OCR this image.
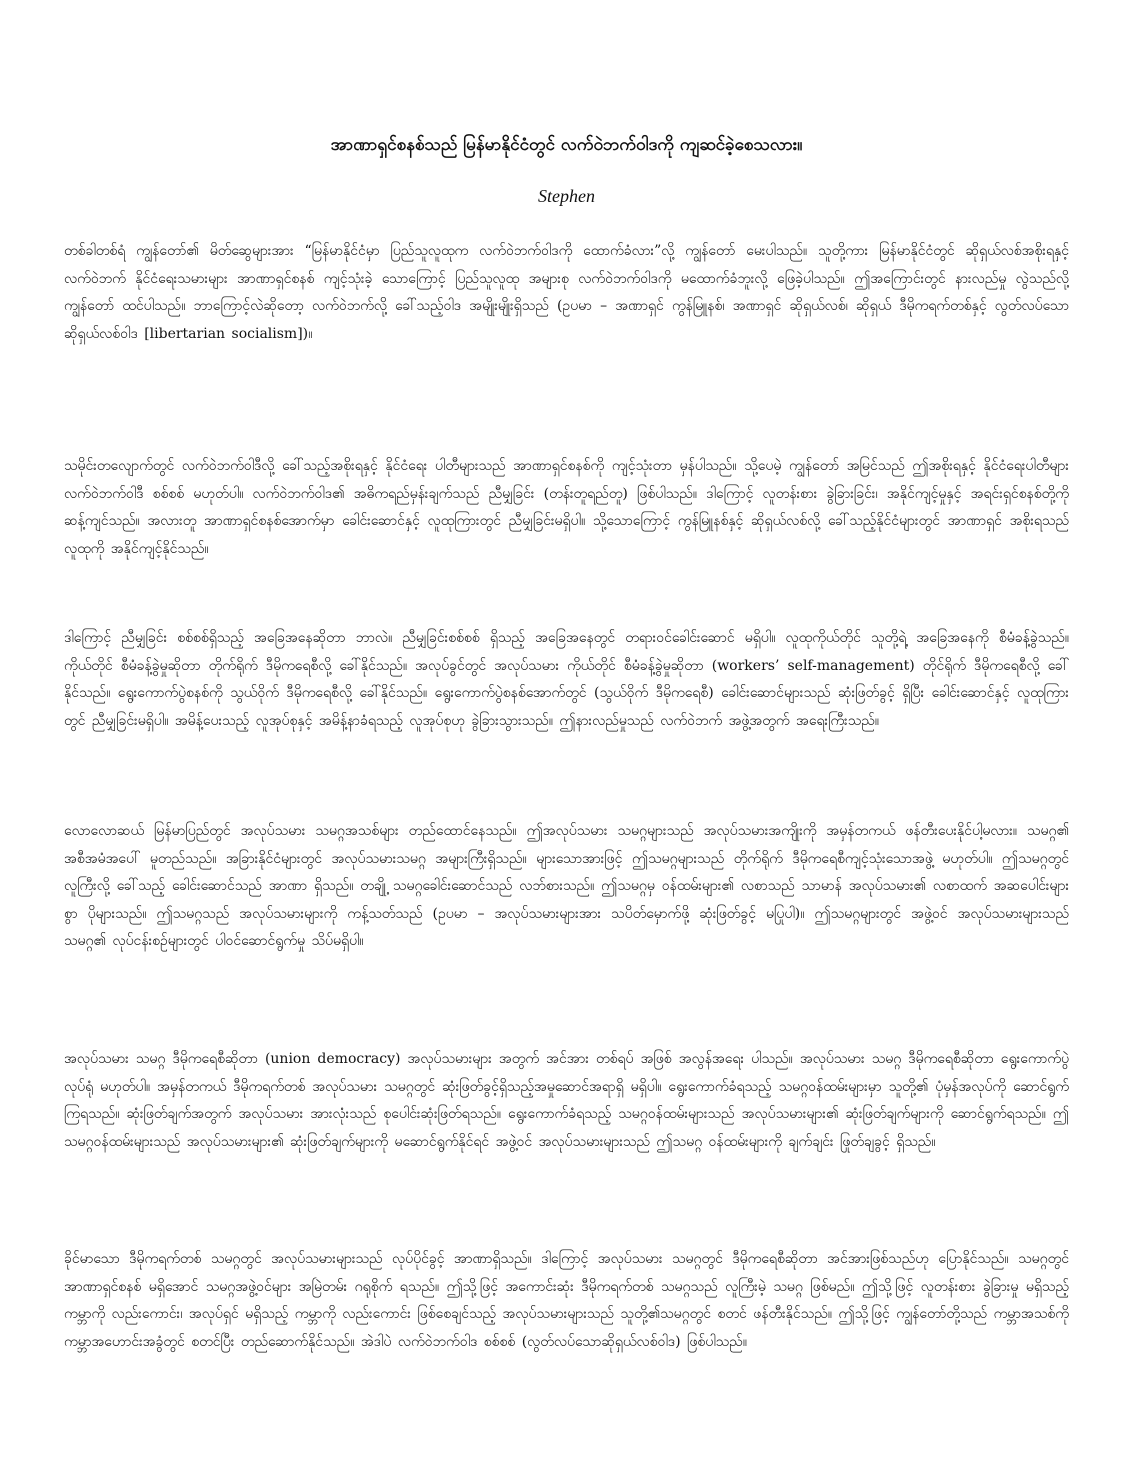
အာဏာရှင်စနစ်သည် မြန်မာနိုင်ငံတွင် လက်ဝဲဘက်ဝါဒကို ကျဆင်ခဲ့စေသလား။

Stephen

တစ်ခါတစ်ရံ ကျွန်တော်၏ မိတ်ဆွေများအား “မြန်မာနိုင်ငံမှာ ပြည်သူလူထုက လက်ဝဲဘက်ဝါဒကို ထောက်ခံလား”လို့ ကျွန်တော် မေးပါသည်။ သူတို့ကား မြန်မာနိုင်ငံတွင် ဆိုရှယ်လစ်အစိုးရနှင့် လက်ဝဲဘက် နိုင်ငံရေးသမားများ အာဏာရှင်စနစ် ကျင့်သုံးခဲ့ သောကြောင့် ပြည်သူလူထု အများစု လက်ဝဲဘက်ဝါဒကို မထောက်ခံဘူးလို့ ဖြေခဲ့ပါသည်။ ဤအကြောင်းတွင် နားလည်မှု လွဲသည်လို့ ကျွန်တော် ထင်ပါသည်။ ဘာကြောင့်လဲဆိုတော့ လက်ဝဲဘက်လို့ ခေါ်သည့်ဝါဒ အမျိုးမျိုးရှိသည် (ဥပမာ – အဏာရှင် ကွန်မြူနစ်၊ အဏာရှင် ဆိုရှယ်လစ်၊ ဆိုရှယ် ဒီမိုကရက်တစ်နှင့် လွတ်လပ်သော ဆိုရှယ်လစ်ဝါဒ [libertarian socialism])။

သမိုင်းတလျောက်တွင် လက်ဝဲဘက်ဝါဒီလို့ ခေါ်သည့်အစိုးရနှင့် နိုင်ငံရေး ပါတီများသည် အာဏာရှင်စနစ်ကို ကျင့်သုံးတာ မှန်ပါသည်။ သို့ပေမဲ့ ကျွန်တော် အမြင်သည် ဤအစိုးရနှင့် နိုင်ငံရေးပါတီများ လက်ဝဲဘက်ဝါဒီ စစ်စစ် မဟုတ်ပါ။ လက်ဝဲဘက်ဝါဒ၏ အဓိကရည်မှန်းချက်သည် ညီမျှခြင်း (တန်းတူရည်တူ) ဖြစ်ပါသည်။ ဒါကြောင့် လူတန်းစား ခွဲခြားခြင်း၊ အနိုင်ကျင့်မှုနှင့် အရင်းရှင်စနစ်တို့ကို ဆန့်ကျင်သည်။ အလားတူ အာဏာရှင်စနစ်အောက်မှာ ခေါင်းဆောင်နှင့် လူထုကြားတွင် ညီမျှခြင်းမရှိပါ။ သို့သောကြောင့် ကွန်မြူနစ်နှင့် ဆိုရှယ်လစ်လို့ ခေါ်သည့်နိုင်ငံများတွင် အာဏာရှင် အစိုးရသည် လူထုကို အနိုင်ကျင့်နိုင်သည်။

ဒါကြောင့် ညီမျှခြင်း စစ်စစ်ရှိသည့် အခြေအနေဆိုတာ ဘာလဲ။ ညီမျှခြင်းစစ်စစ် ရှိသည့် အခြေအနေတွင် တရားဝင်ခေါင်းဆောင် မရှိပါ။ လူထုကိုယ်တိုင် သူတို့ရဲ့ အခြေအနေကို စီမံခန့်ခွဲသည်။ ကိုယ်တိုင် စီမံခန့်ခွဲမှုဆိုတာ တိုက်ရိုက် ဒီမိုကရေစီလို့ ခေါ်နိုင်သည်။ အလုပ်ခွင်တွင် အလုပ်သမား ကိုယ်တိုင် စီမံခန့်ခွဲမှုဆိုတာ (workers’ self-management) တိုင်ရိုက် ဒီမိုကရေစီလို့ ခေါ်နိုင်သည်။ ရွေးကောက်ပွဲစနစ်ကို သွယ်ဝိုက် ဒီမိုကရေစီလို့ ခေါ်နိုင်သည်။ ရွေးကောက်ပွဲစနစ်အောက်တွင် (သွယ်ဝိုက် ဒီမိုကရေစီ) ခေါင်းဆောင်များသည် ဆုံးဖြတ်ခွင့် ရှိပြီး ခေါင်းဆောင်နှင့် လူထုကြားတွင် ညီမျှခြင်းမရှိပါ။ အမိန့်ပေးသည့် လူအုပ်စုနှင့် အမိန့်နာခံရသည့် လူအုပ်စုဟု ခွဲခြားသွားသည်။ ဤနားလည်မှုသည် လက်ဝဲဘက် အဖွဲ့အတွက် အရေးကြီးသည်။

လောလောဆယ် မြန်မာပြည်တွင် အလုပ်သမား သမဂ္ဂအသစ်များ တည်ထောင်နေသည်။ ဤအလုပ်သမား သမဂ္ဂများသည် အလုပ်သမားအကျိုးကို အမှန်တကယ် ဖန်တီးပေးနိုင်ပါ့မလား။ သမဂ္ဂ၏ အစီအမံအပေါ် မူတည်သည်။ အခြားနိုင်ငံများတွင် အလုပ်သမားသမဂ္ဂ အများကြီးရှိသည်။ များသောအားဖြင့် ဤသမဂ္ဂများသည် တိုက်ရိုက် ဒီမိုကရေစီကျင့်သုံးသောအဖွဲ့ မဟုတ်ပါ။ ဤသမဂ္ဂတွင် လူကြီးလို့ ခေါ်သည့် ခေါင်းဆောင်သည် အာဏာ ရှိသည်။ တချို့ သမဂ္ဂခေါင်းဆောင်သည် လဘ်စားသည်။ ဤသမဂ္ဂမှ ဝန်ထမ်းများ၏ လစာသည် သာမာန် အလုပ်သမား၏ လစာထက် အဆပေါင်းများစွာ ပိုများသည်။ ဤသမဂ္ဂသည် အလုပ်သမားများကို ကန့်သတ်သည် (ဥပမာ – အလုပ်သမားများအား သပိတ်မှောက်ဖို့ ဆုံးဖြတ်ခွင့် မပြုပါ)။ ဤသမဂ္ဂများတွင် အဖွဲ့ဝင် အလုပ်သမားများသည် သမဂ္ဂ၏ လုပ်ငန်းစဉ်များတွင် ပါဝင်ဆောင်ရွက်မှု သိပ်မရှိပါ။

အလုပ်သမား သမဂ္ဂ ဒီမိုကရေစီဆိုတာ (union democracy) အလုပ်သမားများ အတွက် အင်အား တစ်ရပ် အဖြစ် အလွန်အရေး ပါသည်။ အလုပ်သမား သမဂ္ဂ ဒီမိုကရေစီဆိုတာ ရွေးကောက်ပွဲလုပ်ရုံ မဟုတ်ပါ။ အမှန်တကယ် ဒီမိုကရက်တစ် အလုပ်သမား သမဂ္ဂတွင် ဆုံးဖြတ်ခွင့်ရှိသည့်အမှုဆောင်အရာရှိ မရှိပါ။ ရွေးကောက်ခံရသည့် သမဂ္ဂဝန်ထမ်းများမှာ သူတို့၏ ပုံမှန်အလုပ်ကို ဆောင်ရွက်ကြရသည်။ ဆုံးဖြတ်ချက်အတွက် အလုပ်သမား အားလုံးသည် စုပေါင်းဆုံးဖြတ်ရသည်။ ရွေးကောက်ခံရသည့် သမဂ္ဂဝန်ထမ်းများသည် အလုပ်သမားများ၏ ဆုံးဖြတ်ချက်များကို ဆောင်ရွက်ရသည်။ ဤသမဂ္ဂဝန်ထမ်းများသည် အလုပ်သမားများ၏ ဆုံးဖြတ်ချက်များကို မဆောင်ရွက်နိုင်ရင် အဖွဲ့ဝင် အလုပ်သမားများသည် ဤသမဂ္ဂ ဝန်ထမ်းများကို ချက်ချင်း ဖြုတ်ချခွင့် ရှိသည်။

ခိုင်မာသော ဒီမိုကရက်တစ် သမဂ္ဂတွင် အလုပ်သမားများသည် လုပ်ပိုင်ခွင့် အာဏာရှိသည်။ ဒါကြောင့် အလုပ်သမား သမဂ္ဂတွင် ဒီမိုကရေစီဆိုတာ အင်အားဖြစ်သည်ဟု ပြောနိုင်သည်။ သမဂ္ဂတွင် အာဏာရှင်စနစ် မရှိအောင် သမဂ္ဂအဖွဲ့ဝင်များ အမြဲတမ်း ဂရုစိုက် ရသည်။ ဤသို့ဖြင့် အကောင်းဆုံး ဒီမိုကရက်တစ် သမဂ္ဂသည် လူကြီးမဲ့ သမဂ္ဂ ဖြစ်မည်။ ဤသို့ဖြင့် လူတန်းစား ခွဲခြားမှု မရှိသည့် ကမ္ဘာကို လည်းကောင်း၊ အလုပ်ရှင် မရှိသည့် ကမ္ဘာကို လည်းကောင်း ဖြစ်စေချင်သည့် အလုပ်သမားများသည် သူတို့၏သမဂ္ဂတွင် စတင် ဖန်တီးနိုင်သည်။ ဤသို့ဖြင့် ကျွန်တော်တို့သည် ကမ္ဘာအသစ်ကို ကမ္ဘာအဟောင်းအခွံတွင် စတင်ပြီး တည်ဆောက်နိုင်သည်။ အဲဒါပဲ လက်ဝဲဘက်ဝါဒ စစ်စစ် (လွတ်လပ်သောဆိုရှယ်လစ်ဝါဒ) ဖြစ်ပါသည်။
